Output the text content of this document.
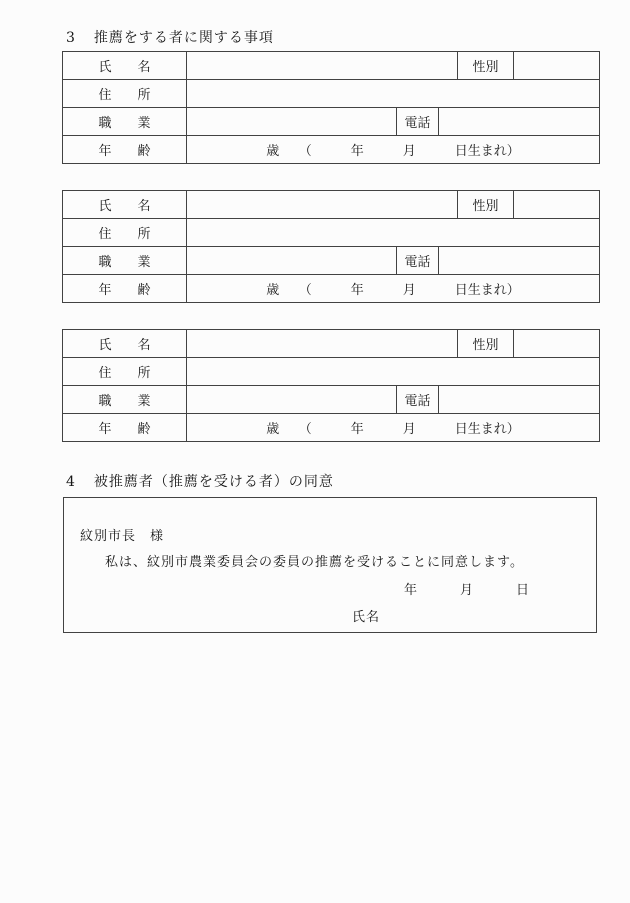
3 推薦をする者に関する事項
氏　　名				性別	
住　　所					
職　　業		電話			
年　　齢	歳　　（　　　年　　　月　　　日生まれ）				
氏　　名				性別	
住　　所					
職　　業		電話			
年　　齢	歳　　（　　　年　　　月　　　日生まれ）				
氏　　名				性別	
住　　所					
職　　業		電話			
年　　齢	歳　　（　　　年　　　月　　　日生まれ）				
4 被推薦者（推薦を受ける者）の同意
紋別市長　様
私は、紋別市農業委員会の委員の推薦を受けることに同意します。
年　　　月　　　日
氏名
